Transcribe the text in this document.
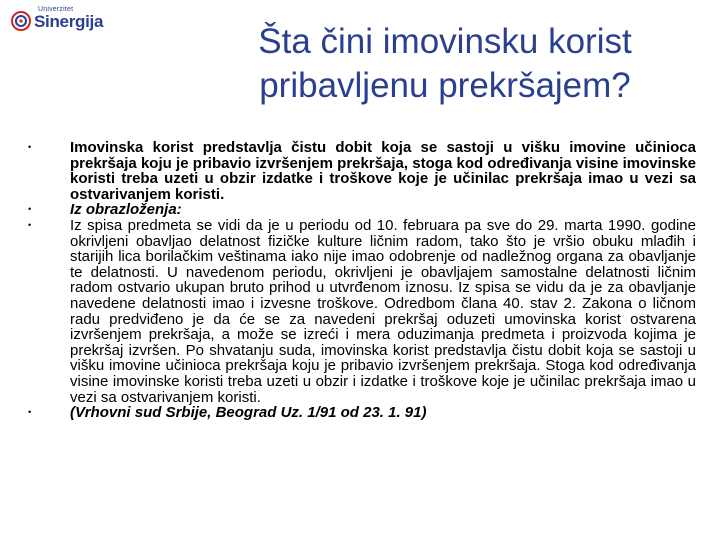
Univerzitet
Sinergija
Šta čini imovinsku korist
pribavljenu prekršajem?
•	Imovinska korist predstavlja čistu dobit koja se sastoji u višku imovine učinioca prekršaja koju je pribavio izvršenjem prekršaja, stoga kod određivanja visine imovinske koristi treba uzeti u obzir izdatke i troškove koje je učinilac prekršaja imao u vezi sa ostvarivanjem koristi.
•	Iz obrazloženja:
•	Iz spisa predmeta se vidi da je u periodu od 10. februara pa sve do 29. marta 1990. godine okrivljeni obavljao delatnost fizičke kulture ličnim radom, tako što je vršio obuku mlađih i starijih lica borilačkim veštinama iako nije imao odobrenje od nadležnog organa za obavljanje te delatnosti. U navedenom periodu, okrivljeni je obavljajem samostalne delatnosti ličnim radom ostvario ukupan bruto prihod u utvrđenom iznosu. Iz spisa se vidu da je za obavljanje navedene delatnosti imao i izvesne troškove. Odredbom člana 40. stav 2. Zakona o ličnom radu predviđeno je da će se za navedeni prekršaj oduzeti umovinska korist ostvarena izvršenjem prekršaja, a može se izreći i mera oduzimanja predmeta i proizvoda kojima je prekršaj izvršen. Po shvatanju suda, imovinska korist predstavlja čistu dobit koja se sastoji u višku imovine učinioca prekršaja koju je pribavio izvršenjem prekršaja. Stoga kod određivanja visine imovinske koristi treba uzeti u obzir i izdatke i troškove koje je učinilac prekršaja imao u vezi sa ostvarivanjem koristi.
•	(Vrhovni sud Srbije, Beograd Uz. 1/91 od 23. 1. 91)
